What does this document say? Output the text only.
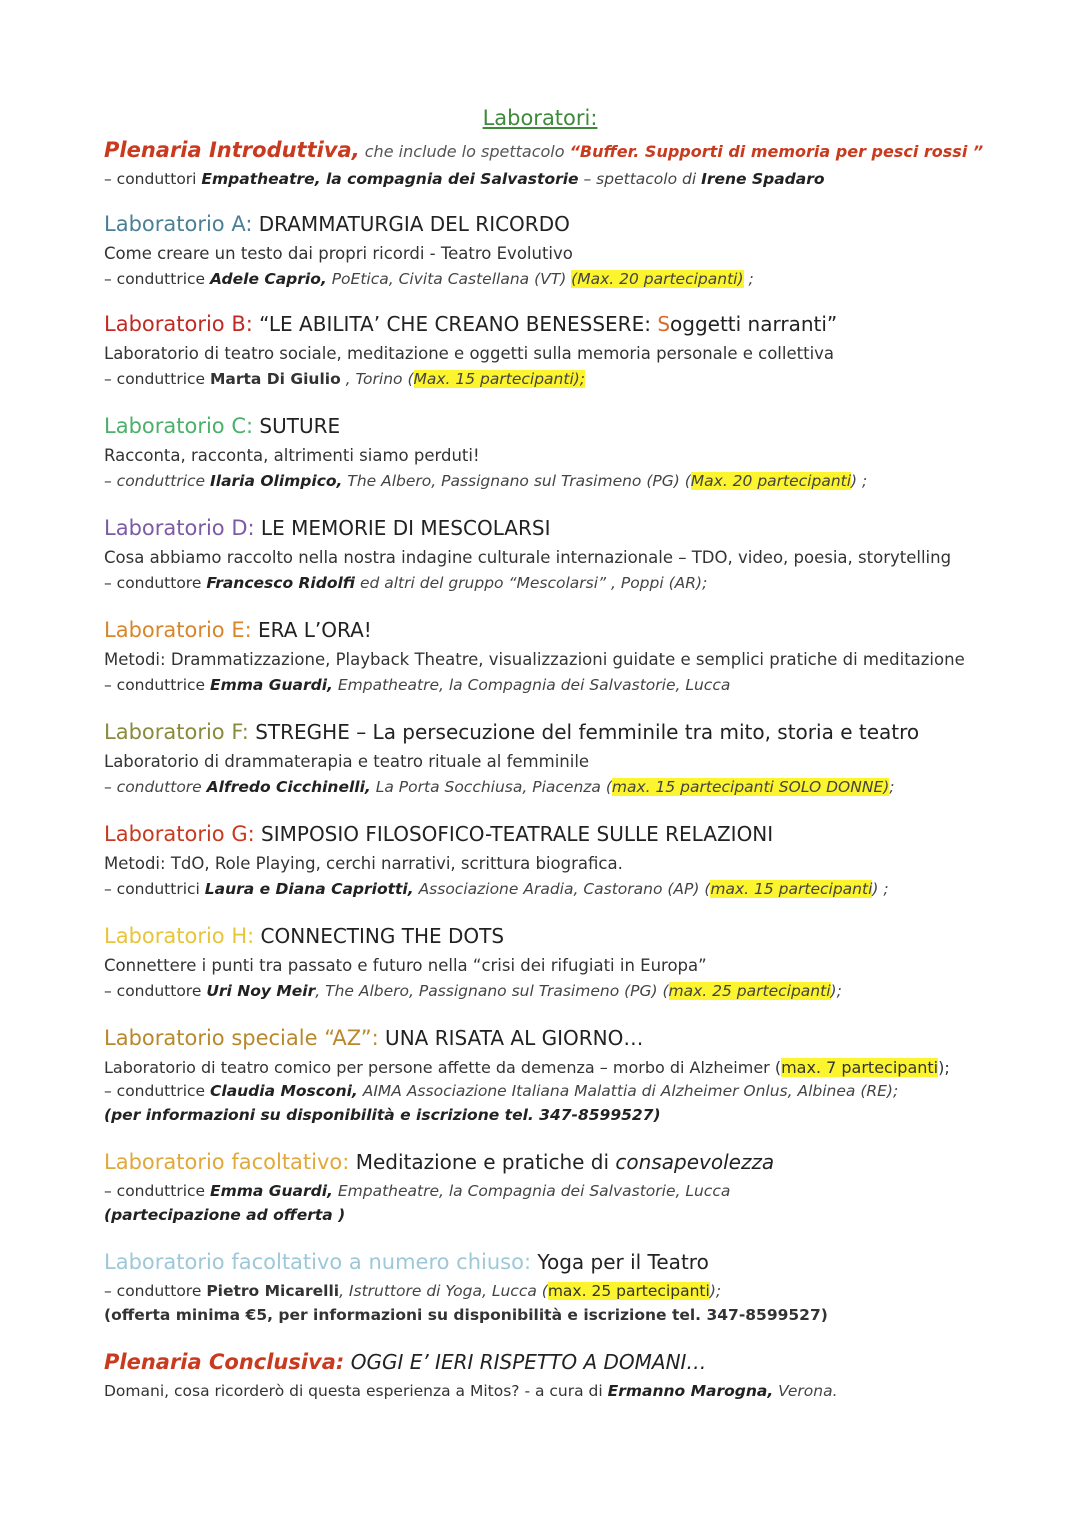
Laboratori:
Plenaria Introduttiva, che include lo spettacolo “Buffer. Supporti di memoria per pesci rossi ”
– conduttori Empatheatre, la compagnia dei Salvastorie – spettacolo di Irene Spadaro
Laboratorio A: DRAMMATURGIA DEL RICORDO
Come creare un testo dai propri ricordi - Teatro Evolutivo
– conduttrice Adele Caprio, PoEtica, Civita Castellana (VT) (Max. 20 partecipanti) ;
Laboratorio B: “LE ABILITA’ CHE CREANO BENESSERE: Soggetti narranti”
Laboratorio di teatro sociale, meditazione e oggetti sulla memoria personale e collettiva
– conduttrice Marta Di Giulio , Torino (Max. 15 partecipanti);
Laboratorio C: SUTURE
Racconta, racconta, altrimenti siamo perduti!
– conduttrice Ilaria Olimpico, The Albero, Passignano sul Trasimeno (PG) (Max. 20 partecipanti) ;
Laboratorio D: LE MEMORIE DI MESCOLARSI
Cosa abbiamo raccolto nella nostra indagine culturale internazionale – TDO, video, poesia, storytelling
– conduttore Francesco Ridolfi ed altri del gruppo “Mescolarsi” , Poppi (AR);
Laboratorio E: ERA L’ORA!
Metodi: Drammatizzazione, Playback Theatre, visualizzazioni guidate e semplici pratiche di meditazione
– conduttrice Emma Guardi, Empatheatre, la Compagnia dei Salvastorie, Lucca
Laboratorio F: STREGHE – La persecuzione del femminile tra mito, storia e teatro
Laboratorio di drammaterapia e teatro rituale al femminile
– conduttore Alfredo Cicchinelli, La Porta Socchiusa, Piacenza (max. 15 partecipanti SOLO DONNE);
Laboratorio G: SIMPOSIO FILOSOFICO-TEATRALE SULLE RELAZIONI
Metodi: TdO, Role Playing, cerchi narrativi, scrittura biografica.
– conduttrici Laura e Diana Capriotti, Associazione Aradia, Castorano (AP) (max. 15 partecipanti) ;
Laboratorio H: CONNECTING THE DOTS
Connettere i punti tra passato e futuro nella “crisi dei rifugiati in Europa”
– conduttore Uri Noy Meir, The Albero, Passignano sul Trasimeno (PG) (max. 25 partecipanti);
Laboratorio speciale “AZ”: UNA RISATA AL GIORNO…
Laboratorio di teatro comico per persone affette da demenza – morbo di Alzheimer (max. 7 partecipanti);
– conduttrice Claudia Mosconi, AIMA Associazione Italiana Malattia di Alzheimer Onlus, Albinea (RE);
(per informazioni su disponibilità e iscrizione tel. 347-8599527)
Laboratorio facoltativo: Meditazione e pratiche di consapevolezza
– conduttrice Emma Guardi, Empatheatre, la Compagnia dei Salvastorie, Lucca
(partecipazione ad offerta )
Laboratorio facoltativo a numero chiuso: Yoga per il Teatro
– conduttore Pietro Micarelli, Istruttore di Yoga, Lucca (max. 25 partecipanti);
(offerta minima €5, per informazioni su disponibilità e iscrizione tel. 347-8599527)
Plenaria Conclusiva: OGGI E’ IERI RISPETTO A DOMANI…
Domani, cosa ricorderò di questa esperienza a Mitos? - a cura di Ermanno Marogna, Verona.
